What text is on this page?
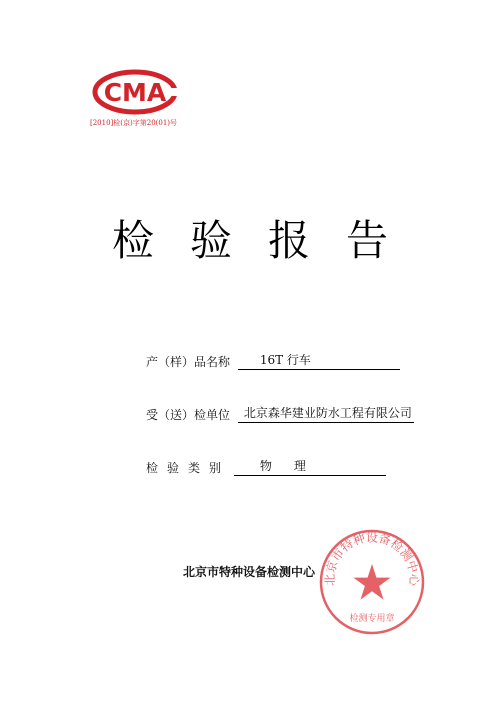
CMA
[2010]检(京)字第20(01)号
检验报告
产（样）品名称 16T 行车
受（送）检单位 北京森华建业防水工程有限公司
检验类别 物理
北京市特种设备检测中心
北京市特种设备检测中心
检测专用章
